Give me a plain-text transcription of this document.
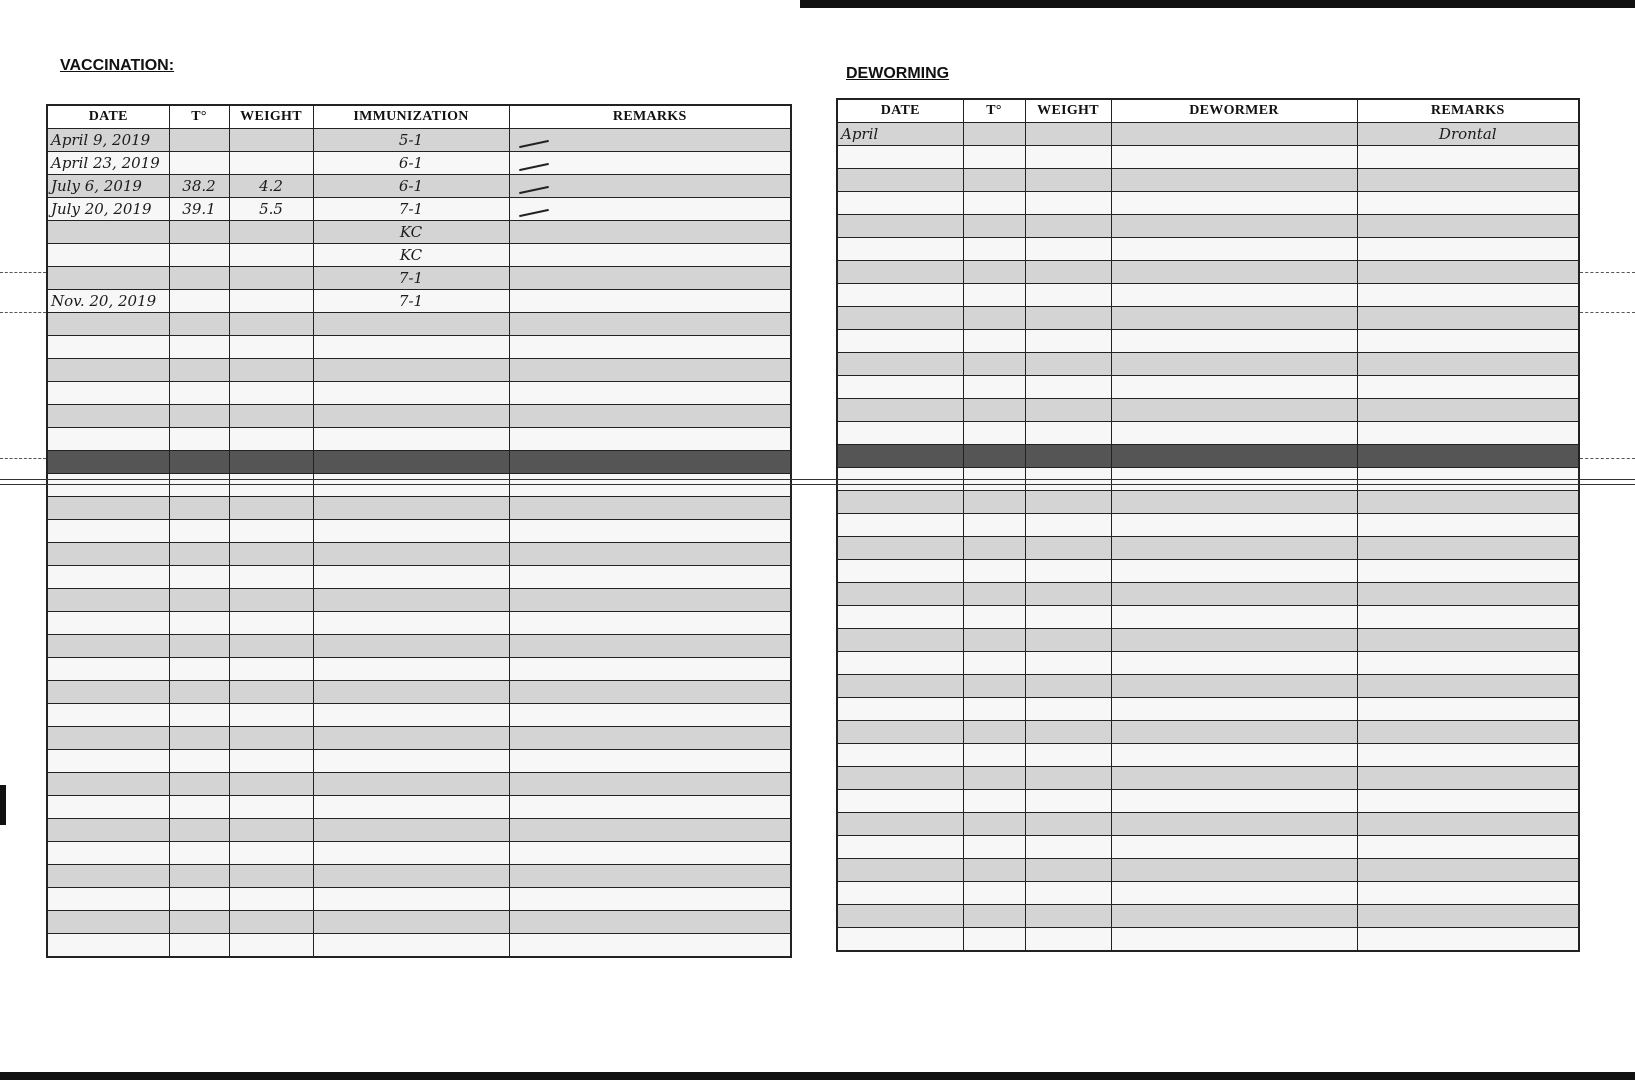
VACCINATION:
DATE	T°	WEIGHT	IMMUNIZATION	REMARKS
April 9, 2019			5-1	
April 23, 2019			6-1	
July 6, 2019	38.2	4.2	6-1	
July 20, 2019	39.1	5.5	7-1	
			KC	
			KC	
			7-1	
Nov. 20, 2019			7-1	

DEWORMING
DATE	T°	WEIGHT	DEWORMER	REMARKS
April				Drontal
